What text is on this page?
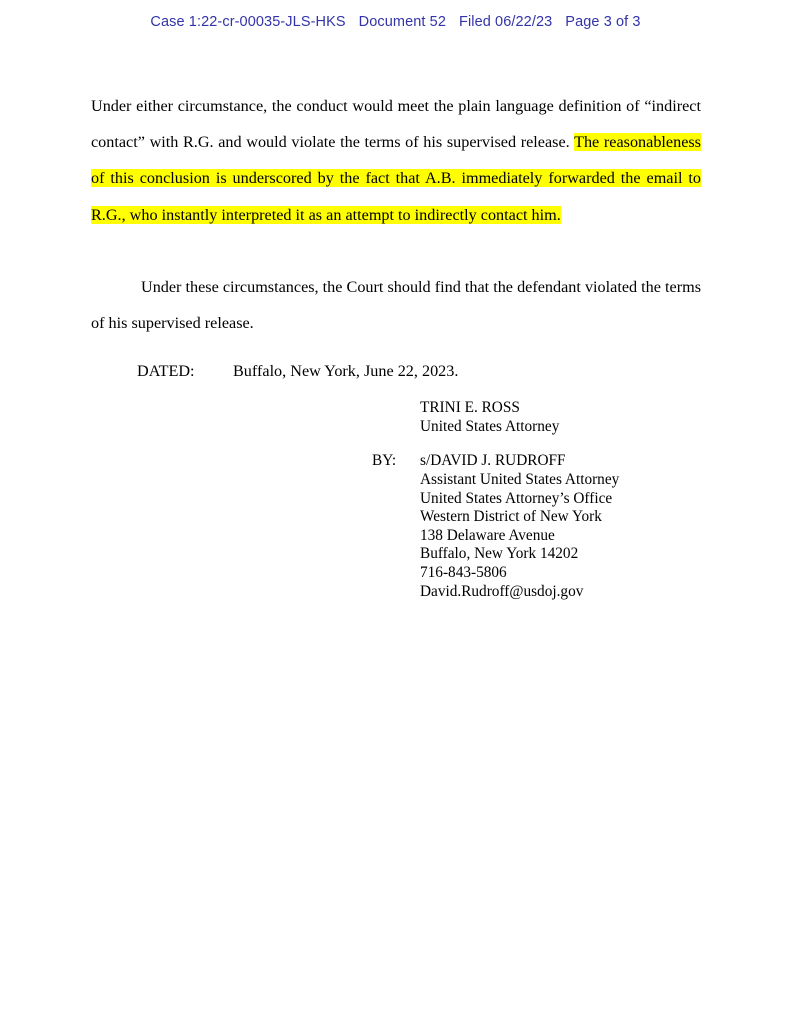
Case 1:22-cr-00035-JLS-HKS Document 52 Filed 06/22/23 Page 3 of 3

Under either circumstance, the conduct would meet the plain language definition of “indirect contact” with R.G. and would violate the terms of his supervised release. The reasonableness of this conclusion is underscored by the fact that A.B. immediately forwarded the email to R.G., who instantly interpreted it as an attempt to indirectly contact him.

Under these circumstances, the Court should find that the defendant violated the terms of his supervised release.

DATED: Buffalo, New York, June 22, 2023.
TRINI E. ROSS
United States Attorney
BY: s/DAVID J. RUDROFF
Assistant United States Attorney
United States Attorney’s Office
Western District of New York
138 Delaware Avenue
Buffalo, New York 14202
716-843-5806
David.Rudroff@usdoj.gov
